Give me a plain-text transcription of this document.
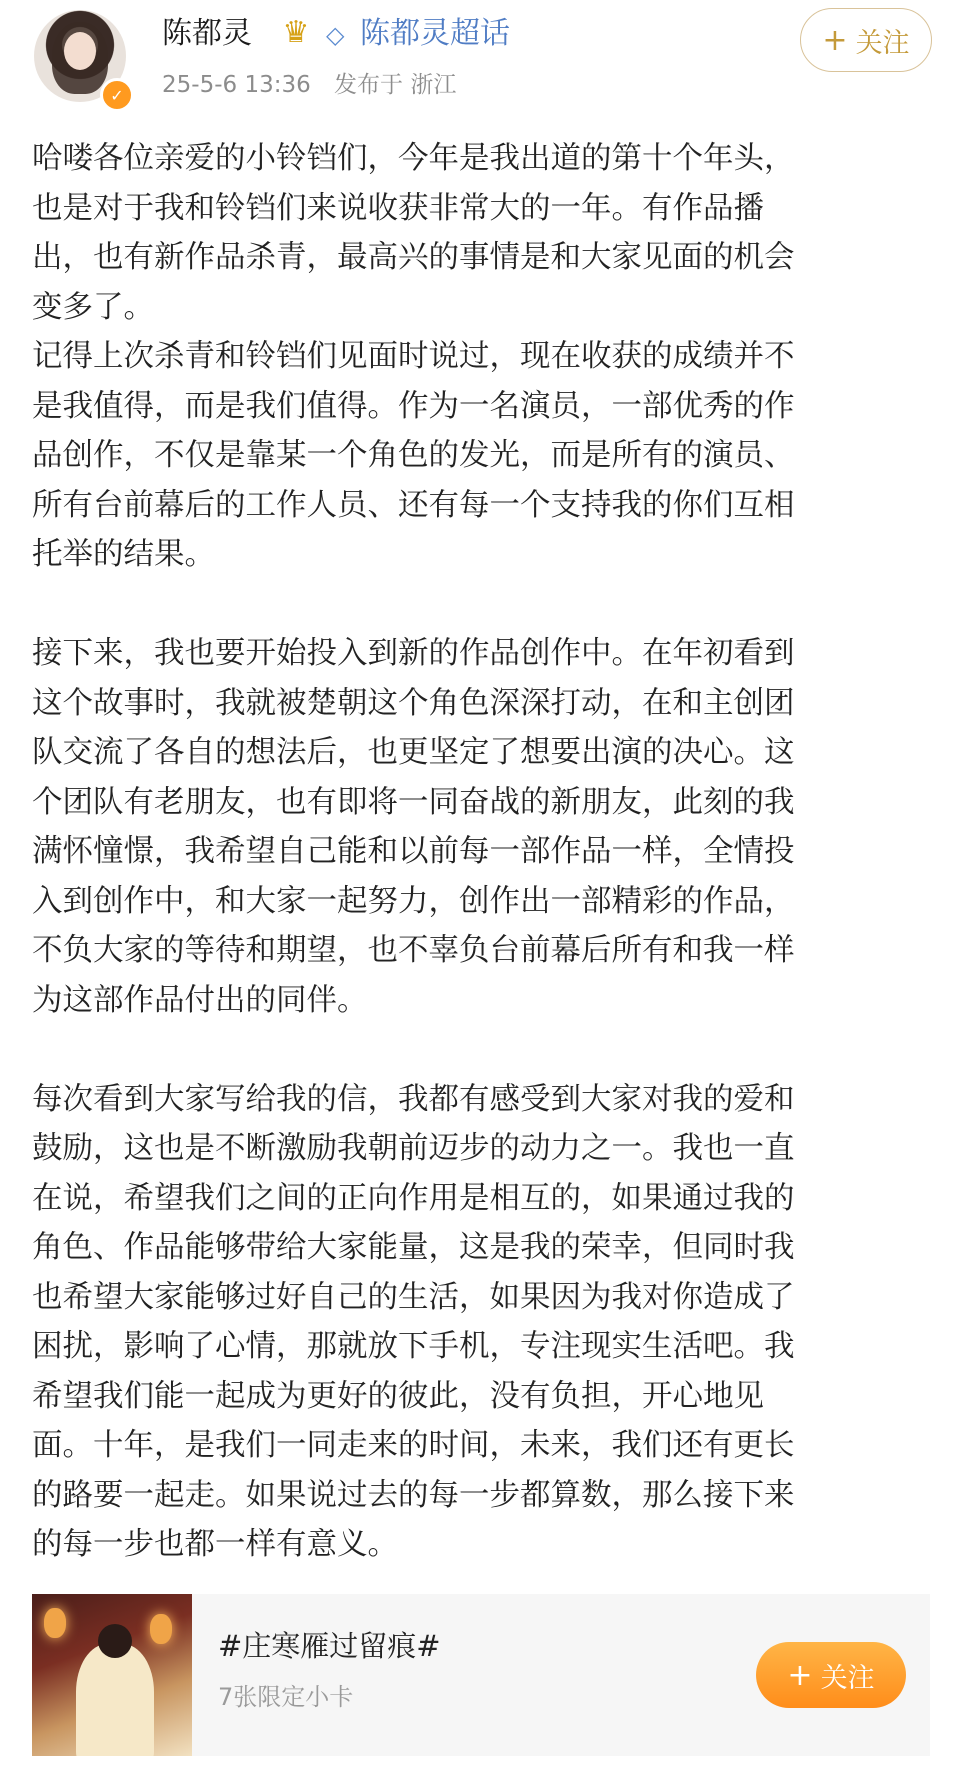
✓
陈都灵 ♛ ◇ 陈都灵超话
25-5-6 13:36 发布于 浙江
+ 关注

哈喽各位亲爱的小铃铛们，今年是我出道的第十个年头，

也是对于我和铃铛们来说收获非常大的一年。有作品播

出，也有新作品杀青，最高兴的事情是和大家见面的机会

变多了。

记得上次杀青和铃铛们见面时说过，现在收获的成绩并不

是我值得，而是我们值得。作为一名演员，一部优秀的作

品创作，不仅是靠某一个角色的发光，而是所有的演员、

所有台前幕后的工作人员、还有每一个支持我的你们互相

托举的结果。

接下来，我也要开始投入到新的作品创作中。在年初看到

这个故事时，我就被楚朝这个角色深深打动，在和主创团

队交流了各自的想法后，也更坚定了想要出演的决心。这

个团队有老朋友，也有即将一同奋战的新朋友，此刻的我

满怀憧憬，我希望自己能和以前每一部作品一样，全情投

入到创作中，和大家一起努力，创作出一部精彩的作品，

不负大家的等待和期望，也不辜负台前幕后所有和我一样

为这部作品付出的同伴。

每次看到大家写给我的信，我都有感受到大家对我的爱和

鼓励，这也是不断激励我朝前迈步的动力之一。我也一直

在说，希望我们之间的正向作用是相互的，如果通过我的

角色、作品能够带给大家能量，这是我的荣幸，但同时我

也希望大家能够过好自己的生活，如果因为我对你造成了

困扰，影响了心情，那就放下手机，专注现实生活吧。我

希望我们能一起成为更好的彼此，没有负担，开心地见

面。十年，是我们一同走来的时间，未来，我们还有更长

的路要一起走。如果说过去的每一步都算数，那么接下来

的每一步也都一样有意义。

#庄寒雁过留痕#
7张限定小卡
+ 关注
